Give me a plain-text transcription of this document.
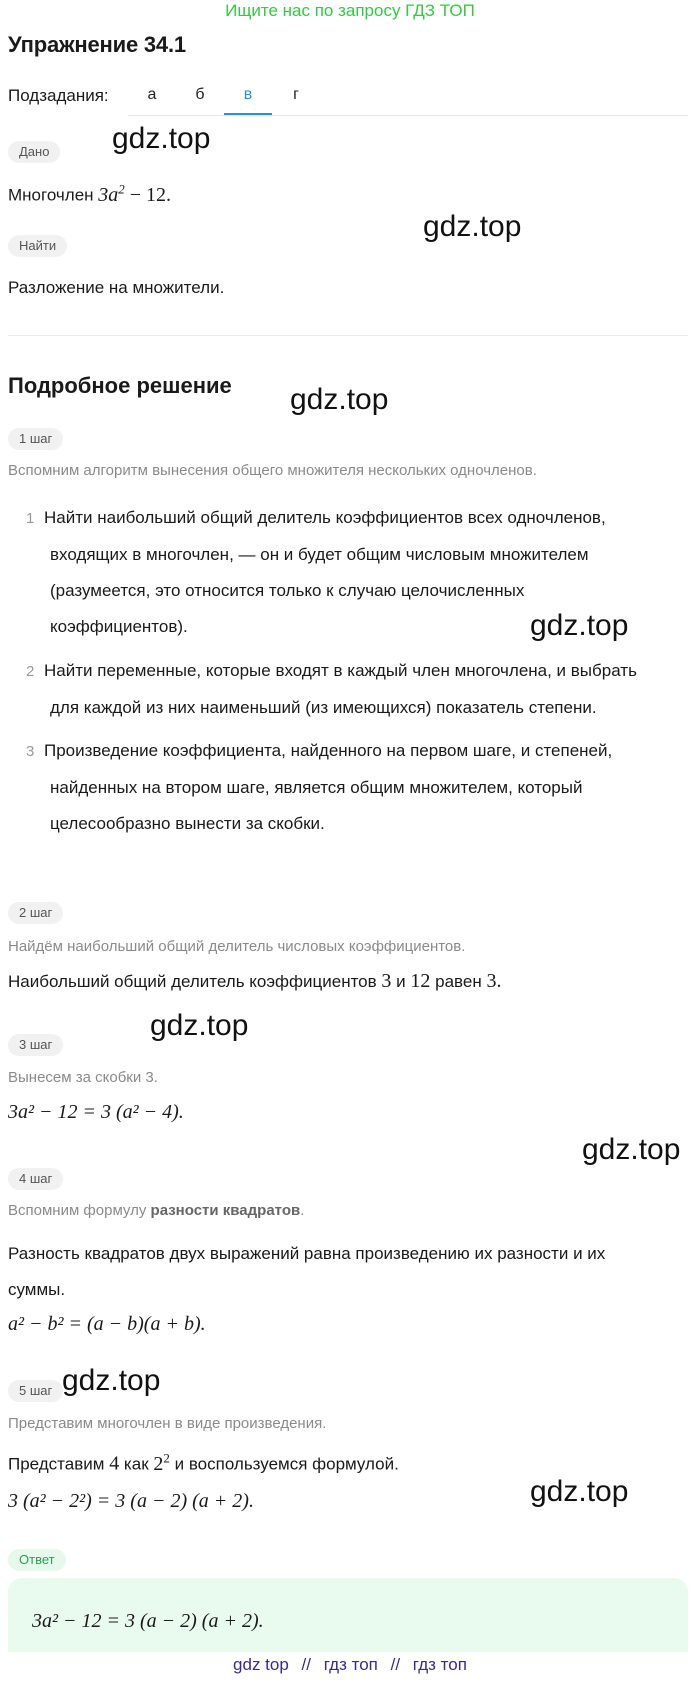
Ищите нас по запросу ГДЗ ТОП
Упражнение 34.1
Подзадания:	а	б	в	г
Дано	gdz.top
Многочлен $3a^2 - 12$.
Найти
gdz.top
Разложение на множители.
Подробное решение gdz.top
1 шаг
Вспомним алгоритм вынесения общего множителя нескольких одночленов.
1 Найти наибольший общий делитель коэффициентов всех одночленов,
входящих в многочлен, — он и будет общим числовым множителем
(разумеется, это относится только к случаю целочисленных
коэффициентов).	gdz.top
2 Найти переменные, которые входят в каждый член многочлена, и выбрать
для каждой из них наименьший (из имеющихся) показатель степени.
3 Произведение коэффициента, найденного на первом шаге, и степеней,
найденных на втором шаге, является общим множителем, который
целесообразно вынести за скобки.
2 шаг
Найдём наибольший общий делитель числовых коэффициентов.
Наибольший общий делитель коэффициентов 3 и 12 равен 3.
3 шаг
gdz.top
Вынесем за скобки 3.
3a² − 12 = 3 (a² − 4).
gdz.top
4 шаг
Вспомним формулу разности квадратов.
Разность квадратов двух выражений равна произведению их разности и их
суммы.
a² − b² = (a − b)(a + b).
5 шаг gdz.top
Представим многочлен в виде произведения.
Представим 4 как $2^2$ и воспользуемся формулой.
3 (a² − 2²) = 3 (a − 2) (a + 2).	gdz.top
Ответ
3a² − 12 = 3 (a − 2) (a + 2).
gdz top // гдз топ // гдз топ
